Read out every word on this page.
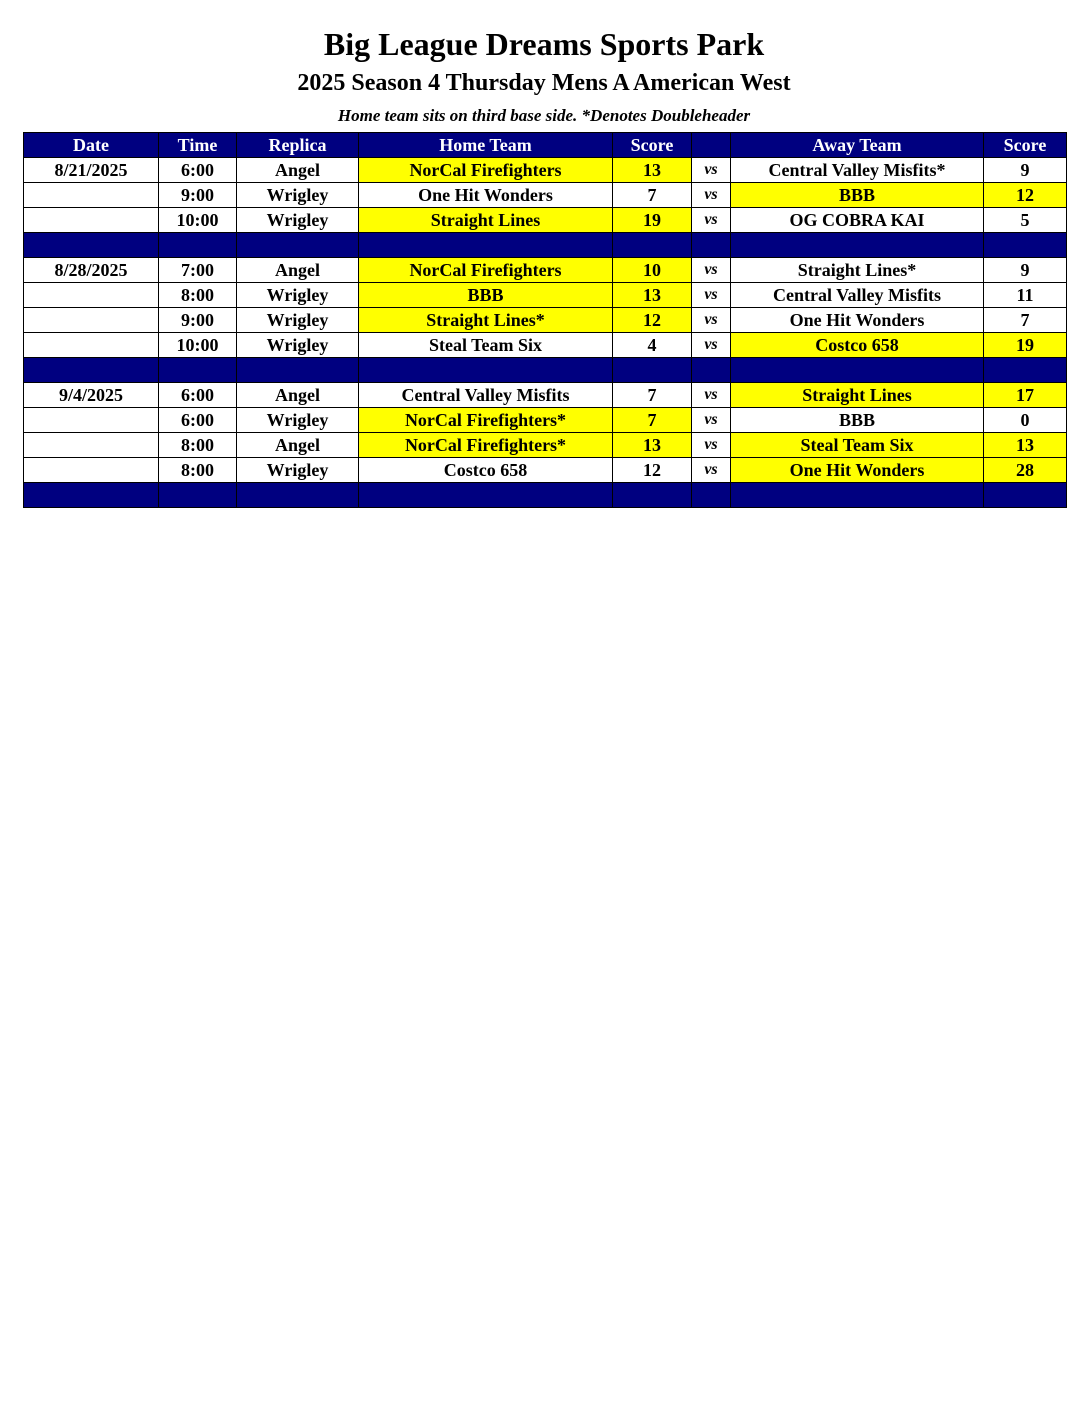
Big League Dreams Sports Park
2025 Season 4 Thursday Mens A American West
Home team sits on third base side. *Denotes Doubleheader
Date	Time	Replica	Home Team	Score		Away Team	Score
8/21/2025	6:00	Angel	NorCal Firefighters	13	vs	Central Valley Misfits*	9
	9:00	Wrigley	One Hit Wonders	7	vs	BBB	12
	10:00	Wrigley	Straight Lines	19	vs	OG COBRA KAI	5

8/28/2025	7:00	Angel	NorCal Firefighters	10	vs	Straight Lines*	9
	8:00	Wrigley	BBB	13	vs	Central Valley Misfits	11
	9:00	Wrigley	Straight Lines*	12	vs	One Hit Wonders	7
	10:00	Wrigley	Steal Team Six	4	vs	Costco 658	19

9/4/2025	6:00	Angel	Central Valley Misfits	7	vs	Straight Lines	17
	6:00	Wrigley	NorCal Firefighters*	7	vs	BBB	0
	8:00	Angel	NorCal Firefighters*	13	vs	Steal Team Six	13
	8:00	Wrigley	Costco 658	12	vs	One Hit Wonders	28
